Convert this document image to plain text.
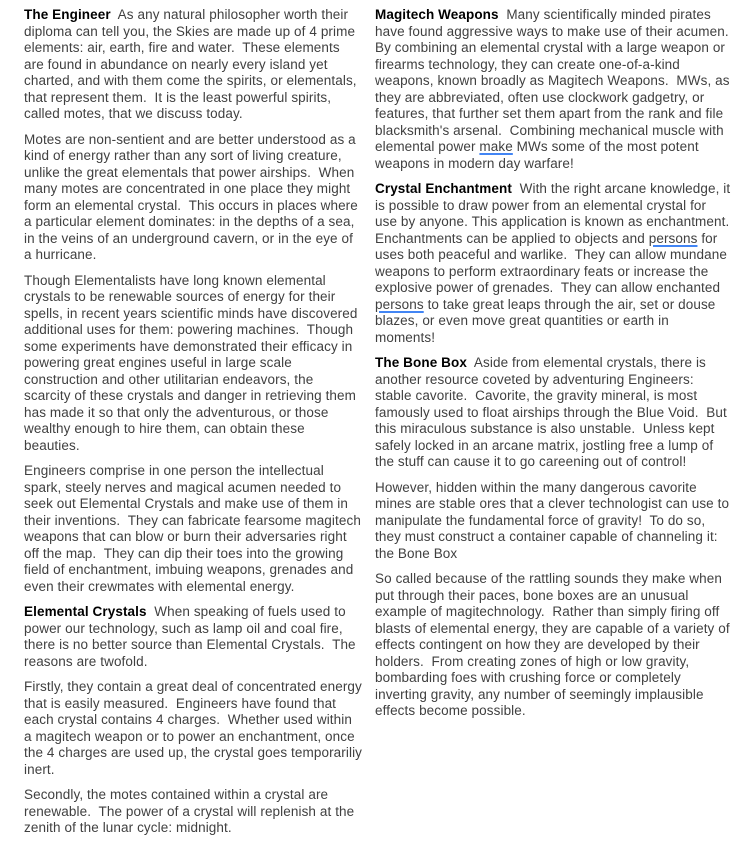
The Engineer  As any natural philosopher worth their diploma can tell you, the Skies are made up of 4 prime elements: air, earth, fire and water.  These elements are found in abundance on nearly every island yet charted, and with them come the spirits, or elementals, that represent them.  It is the least powerful spirits, called motes, that we discuss today.

Motes are non-sentient and are better understood as a kind of energy rather than any sort of living creature, unlike the great elementals that power airships.  When many motes are concentrated in one place they might form an elemental crystal.  This occurs in places where a particular element dominates: in the depths of a sea, in the veins of an underground cavern, or in the eye of a hurricane.

Though Elementalists have long known elemental crystals to be renewable sources of energy for their spells, in recent years scientific minds have discovered additional uses for them: powering machines.  Though some experiments have demonstrated their efficacy in powering great engines useful in large scale construction and other utilitarian endeavors, the scarcity of these crystals and danger in retrieving them has made it so that only the adventurous, or those wealthy enough to hire them, can obtain these beauties.

Engineers comprise in one person the intellectual spark, steely nerves and magical acumen needed to seek out Elemental Crystals and make use of them in their inventions.  They can fabricate fearsome magitech weapons that can blow or burn their adversaries right off the map.  They can dip their toes into the growing field of enchantment, imbuing weapons, grenades and even their crewmates with elemental energy.

Elemental Crystals  When speaking of fuels used to power our technology, such as lamp oil and coal fire, there is no better source than Elemental Crystals.  The reasons are twofold.

Firstly, they contain a great deal of concentrated energy that is easily measured.  Engineers have found that each crystal contains 4 charges.  Whether used within a magitech weapon or to power an enchantment, once the 4 charges are used up, the crystal goes temporariliy inert.

Secondly, the motes contained within a crystal are renewable.  The power of a crystal will replenish at the zenith of the lunar cycle: midnight.

Magitech Weapons  Many scientifically minded pirates have found aggressive ways to make use of their acumen.  By combining an elemental crystal with a large weapon or firearms technology, they can create one-of-a-kind weapons, known broadly as Magitech Weapons.  MWs, as they are abbreviated, often use clockwork gadgetry, or features, that further set them apart from the rank and file blacksmith's arsenal.  Combining mechanical muscle with elemental power make MWs some of the most potent weapons in modern day warfare!

Crystal Enchantment  With the right arcane knowledge, it is possible to draw power from an elemental crystal for use by anyone. This application is known as enchantment.  Enchantments can be applied to objects and persons for uses both peaceful and warlike.  They can allow mundane weapons to perform extraordinary feats or increase the explosive power of grenades.  They can allow enchanted persons to take great leaps through the air, set or douse blazes, or even move great quantities or earth in moments!

The Bone Box  Aside from elemental crystals, there is another resource coveted by adventuring Engineers: stable cavorite.  Cavorite, the gravity mineral, is most famously used to float airships through the Blue Void.  But this miraculous substance is also unstable.  Unless kept safely locked in an arcane matrix, jostling free a lump of the stuff can cause it to go careening out of control!

However, hidden within the many dangerous cavorite mines are stable ores that a clever technologist can use to manipulate the fundamental force of gravity!  To do so, they must construct a container capable of channeling it: the Bone Box

So called because of the rattling sounds they make when put through their paces, bone boxes are an unusual example of magitechnology.  Rather than simply firing off blasts of elemental energy, they are capable of a variety of effects contingent on how they are developed by their holders.  From creating zones of high or low gravity, bombarding foes with crushing force or completely inverting gravity, any number of seemingly implausible effects become possible.
